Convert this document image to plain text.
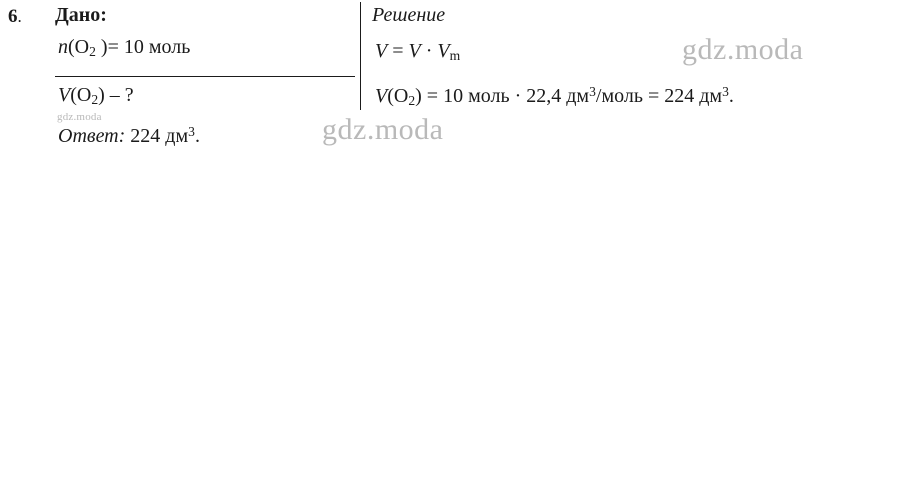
6. Дано:
$n(O_2$ )= 10 моль
$V(O_2)$ – ?
Ответ: 224 $дм^3$.
Решение
$V = V \cdot V_m$
$V(O_2) = 10$ моль · 22,4 $дм^3$/моль = 224 $дм^3$.
gdz.moda
gdz.moda
gdz.moda
